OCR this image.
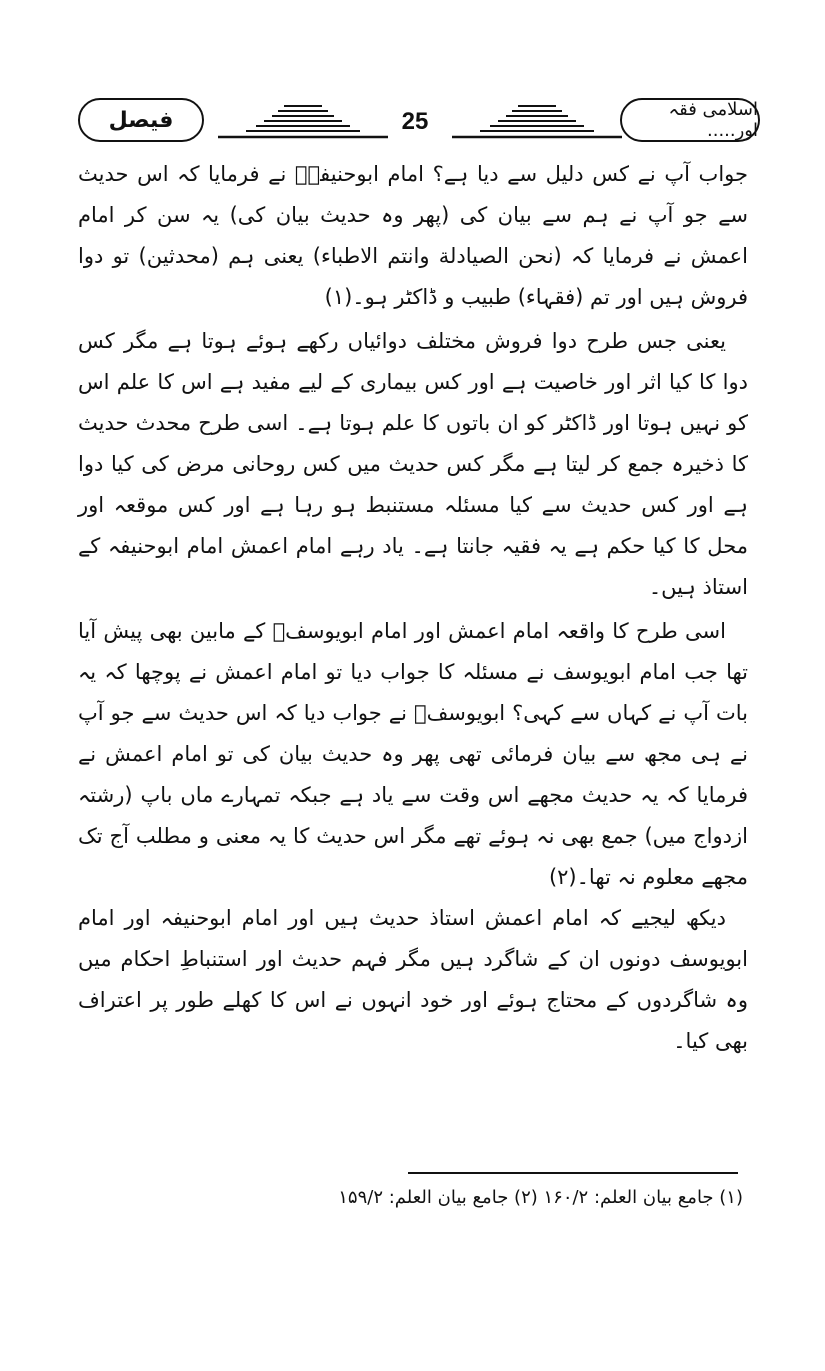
فیصل	25	اسلامی فقہ اور.....

جواب آپ نے کس دلیل سے دیا ہے؟ امام ابوحنیفہؒ نے فرمایا کہ اس حدیث سے جو آپ نے ہم سے بیان کی (پھر وہ حدیث بیان کی) یہ سن کر امام اعمش نے فرمایا کہ (نحن الصیادلة وانتم الاطباء) یعنی ہم (محدثین) تو دوا فروش ہیں اور تم (فقہاء) طبیب و ڈاکٹر ہو۔(۱)

یعنی جس طرح دوا فروش مختلف دوائیاں رکھے ہوئے ہوتا ہے مگر کس دوا کا کیا اثر اور خاصیت ہے اور کس بیماری کے لیے مفید ہے اس کا علم اس کو نہیں ہوتا اور ڈاکٹر کو ان باتوں کا علم ہوتا ہے۔ اسی طرح محدث حدیث کا ذخیرہ جمع کر لیتا ہے مگر کس حدیث میں کس روحانی مرض کی کیا دوا ہے اور کس حدیث سے کیا مسئلہ مستنبط ہو رہا ہے اور کس موقعہ اور محل کا کیا حکم ہے یہ فقیہ جانتا ہے۔ یاد رہے امام اعمش امام ابوحنیفہ کے استاذ ہیں۔

اسی طرح کا واقعہ امام اعمش اور امام ابویوسفؒ کے مابین بھی پیش آیا تھا جب امام ابویوسف نے مسئلہ کا جواب دیا تو امام اعمش نے پوچھا کہ یہ بات آپ نے کہاں سے کہی؟ ابویوسفؒ نے جواب دیا کہ اس حدیث سے جو آپ نے ہی مجھ سے بیان فرمائی تھی پھر وہ حدیث بیان کی تو امام اعمش نے فرمایا کہ یہ حدیث مجھے اس وقت سے یاد ہے جبکہ تمہارے ماں باپ (رشتہ ازدواج میں) جمع بھی نہ ہوئے تھے مگر اس حدیث کا یہ معنی و مطلب آج تک مجھے معلوم نہ تھا۔(۲)

دیکھ لیجیے کہ امام اعمش استاذ حدیث ہیں اور امام ابوحنیفہ اور امام ابویوسف دونوں ان کے شاگرد ہیں مگر فہم حدیث اور استنباطِ احکام میں وہ شاگردوں کے محتاج ہوئے اور خود انہوں نے اس کا کھلے طور پر اعتراف بھی کیا۔

(۱) جامع بیان العلم: ۱۶۰/۲ (۲) جامع بیان العلم: ۱۵۹/۲
